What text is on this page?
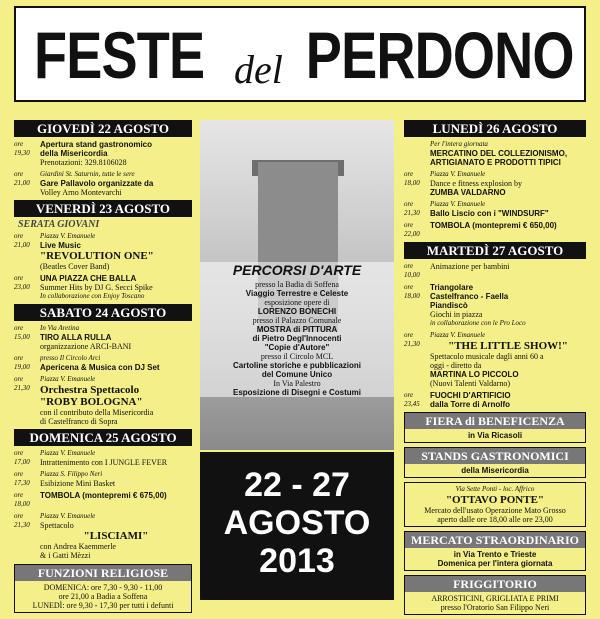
FESTE del PERDONO
GIOVEDÌ 22 AGOSTO
ore 19,30
Apertura stand gastronomico
della Misericordia
Prenotazioni: 329.8106028
ore 21,00
Giardini St. Saturnin, tutte le sere
Gare Pallavolo organizzate da
Volley Arno Montevarchi
VENERDÌ 23 AGOSTO
SERATA GIOVANI
ore 21,00
Piazza V. Emanuele
Live Music
"REVOLUTION ONE"
(Beatles Cover Band)
ore 23,00
UNA PIAZZA CHE BALLA
Summer Hits by DJ G. Secci Spike
In collaborazione con Enjoy Toscano
SABATO 24 AGOSTO
ore 15,00
In Via Aretina
TIRO ALLA RULLA
organizzazione ARCI-BANI
ore 19,00
presso Il Circolo Arci
Apericena & Musica con DJ Set
ore 21,30
Piazza V. Emanuele
Orchestra Spettacolo
"ROBY BOLOGNA"
con il contributo della Misericordia
di Castelfranco di Sopra
DOMENICA 25 AGOSTO
ore 17,00
Piazza V. Emanuele
Intrattenimento con I JUNGLE FEVER
ore 17,30
Piazza S. Filippo Neri
Esibizione Mini Basket
ore 18,00
TOMBOLA (montepremi € 675,00)
ore 21,30
Piazza V. Emanuele
Spettacolo
"LISCIAMI"
con Andrea Kaemmerle
& i Gatti Mèzzi
FUNZIONI RELIGIOSE
DOMENICA: ore 7,30 - 9,30 - 11,00
ore 21,00 a Badia a Soffena
LUNEDÌ: ore 9,30 - 17,30 per tutti i defunti
PERCORSI D'ARTE
presso la Badia di Soffena
Viaggio Terrestre e Celeste
esposizione opere di
LORENZO BONECHI
presso il Palazzo Comunale
MOSTRA di PITTURA
di Pietro Degl'Innocenti
"Copie d'Autore"
presso il Circolo MCL
Cartoline storiche e pubblicazioni
del Comune Unico
In Via Palestro
Esposizione di Disegni e Costumi
22 - 27
AGOSTO
2013
LUNEDÌ 26 AGOSTO
Per l'intera giornata
MERCATINO DEL COLLEZIONISMO,
ARTIGIANATO E PRODOTTI TIPICI
ore 18,00
Piazza V. Emanuele
Dance e fitness explosion by
ZUMBA VALDARNO
ore 21,30
Piazza V. Emanuele
Ballo Liscio con i "WINDSURF"
ore 22,00
TOMBOLA (montepremi € 650,00)
MARTEDÌ 27 AGOSTO
ore 10,00
Animazione per bambini
ore 18,00
Triangolare
Castelfranco - Faella
Piandiscò
Giochi in piazza
in collaborazione con le Pro Loco
ore 21,30
Piazza V. Emanuele
"THE LITTLE SHOW!"
Spettacolo musicale dagli anni 60 a
oggi - diretto da
MARTINA LO PICCOLO
(Nuovi Talenti Valdarno)
ore 23,45
FUOCHI D'ARTIFICIO
dalla Torre di Arnolfo
FIERA di BENEFICENZA
in Via Ricasoli
STANDS GASTRONOMICI
della Misericordia
Via Sette Ponti - loc. Affrico
"OTTAVO PONTE"
Mercato dell'usato Operazione Mato Grosso
aperto dalle ore 18,00 alle ore 23,00
MERCATO STRAORDINARIO
in Via Trento e Trieste
Domenica per l'intera giornata
FRIGGITORIO
ARROSTICINI, GRIGLIATA E PRIMI
presso l'Oratorio San Filippo Neri
